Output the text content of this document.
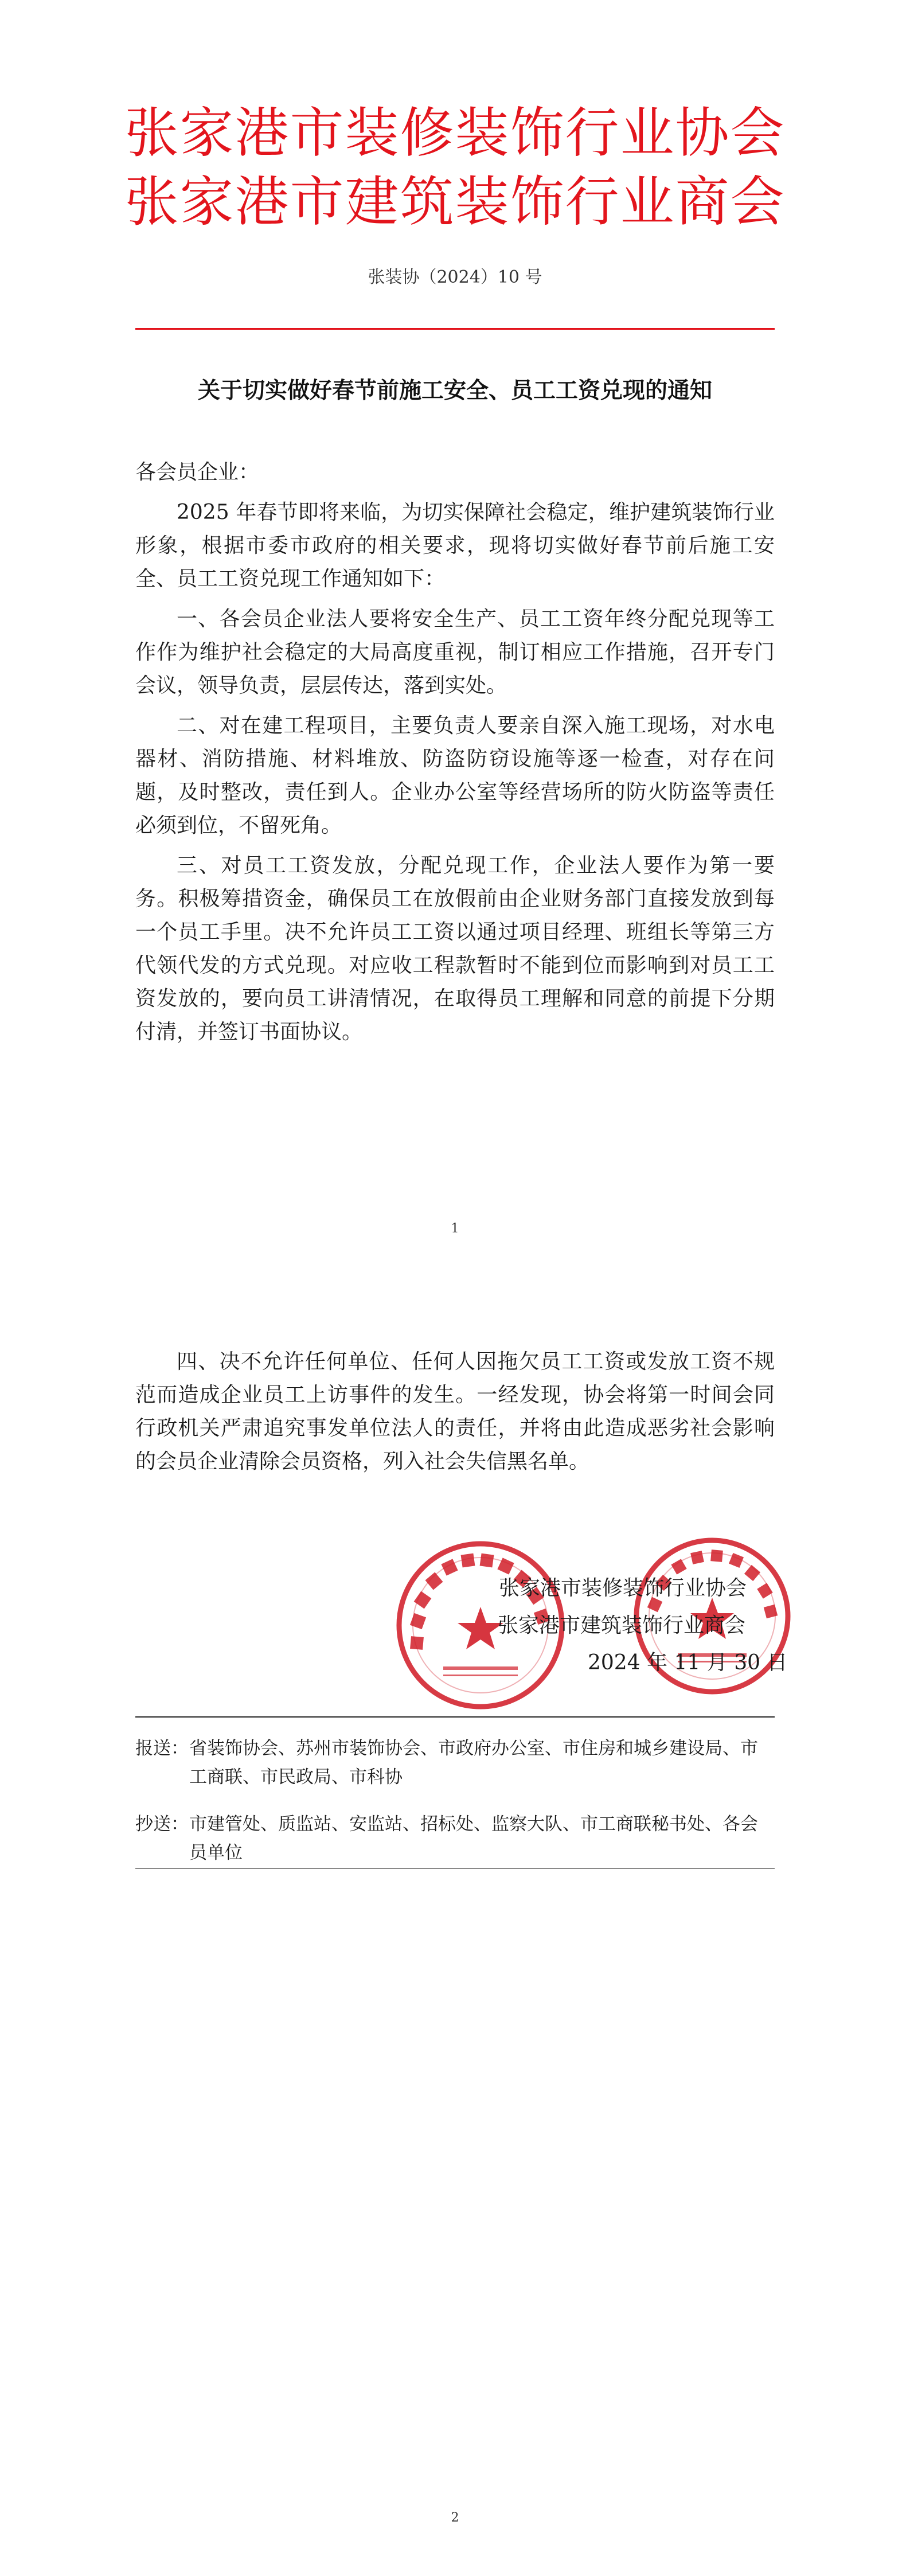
张家港市装修装饰行业协会
张家港市建筑装饰行业商会
张装协（2024）10 号
关于切实做好春节前施工安全、员工工资兑现的通知

各会员企业：

2025 年春节即将来临，为切实保障社会稳定，维护建筑装饰行业形象，根据市委市政府的相关要求，现将切实做好春节前后施工安全、员工工资兑现工作通知如下：

一、各会员企业法人要将安全生产、员工工资年终分配兑现等工作作为维护社会稳定的大局高度重视，制订相应工作措施，召开专门会议，领导负责，层层传达，落到实处。

二、对在建工程项目，主要负责人要亲自深入施工现场，对水电器材、消防措施、材料堆放、防盗防窃设施等逐一检查，对存在问题，及时整改，责任到人。企业办公室等经营场所的防火防盗等责任必须到位，不留死角。

三、对员工工资发放，分配兑现工作，企业法人要作为第一要务。积极筹措资金，确保员工在放假前由企业财务部门直接发放到每一个员工手里。决不允许员工工资以通过项目经理、班组长等第三方代领代发的方式兑现。对应收工程款暂时不能到位而影响到对员工工资发放的，要向员工讲清情况，在取得员工理解和同意的前提下分期付清，并签订书面协议。

1

四、决不允许任何单位、任何人因拖欠员工工资或发放工资不规范而造成企业员工上访事件的发生。一经发现，协会将第一时间会同行政机关严肃追究事发单位法人的责任，并将由此造成恶劣社会影响的会员企业清除会员资格，列入社会失信黑名单。

张家港市装修装饰行业协会
张家港市建筑装饰行业商会
2024 年 11 月 30 日
报送： 省装饰协会、苏州市装饰协会、市政府办公室、市住房和城乡建设局、市工商联、市民政局、市科协
抄送： 市建管处、质监站、安监站、招标处、监察大队、市工商联秘书处、各会员单位
2
